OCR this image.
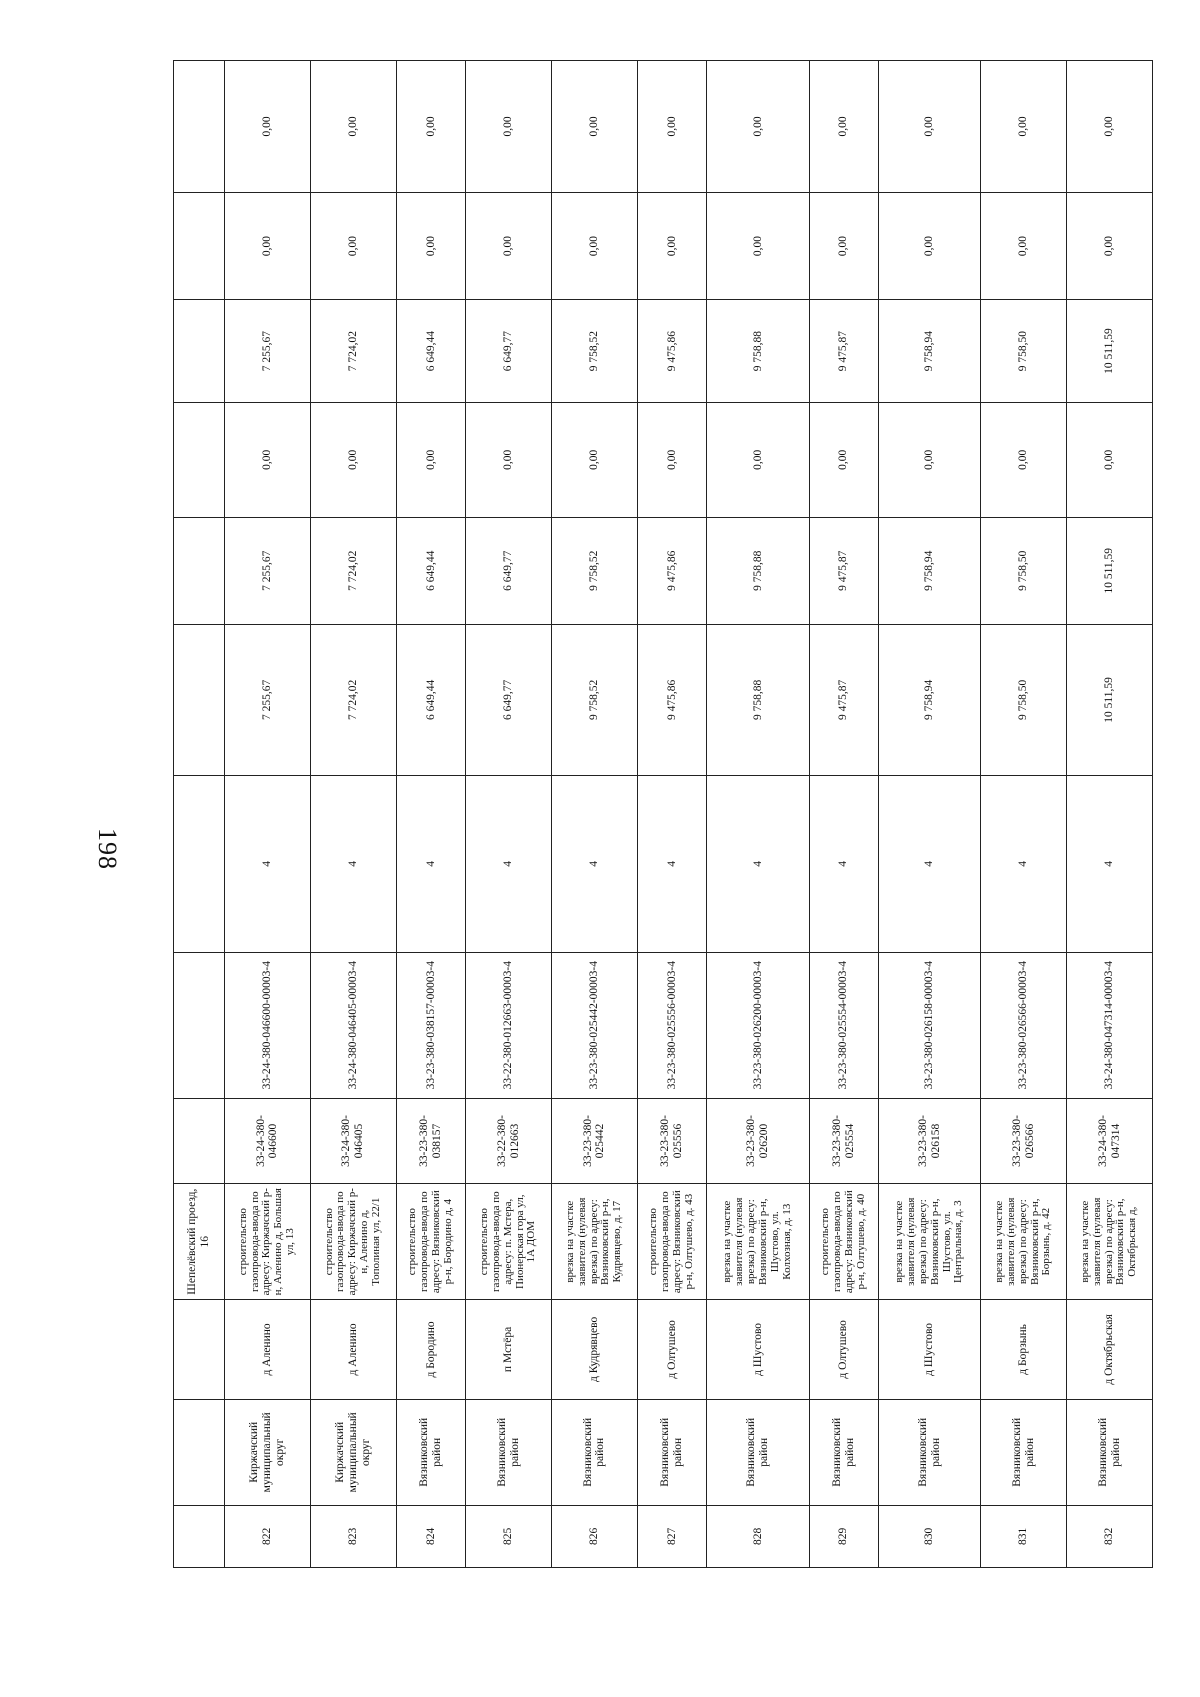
198
			Шепелёвский проезд, 16									
822	Киржачский муниципальный округ	д Аленино	строительство газопровода-ввода по адресу: Киржачский р-н, Аленино д, Большая ул, 13	33-24-380-046600	33-24-380-046600-00003-4	4	7 255,67	7 255,67	0,00	7 255,67	0,00	0,00
823	Киржачский муниципальный округ	д Аленино	строительство газопровода-ввода по адресу: Киржачский р-н, Аленино д, Тополиная ул, 22/1	33-24-380-046405	33-24-380-046405-00003-4	4	7 724,02	7 724,02	0,00	7 724,02	0,00	0,00
824	Вязниковский район	д Бородино	строительство газопровода-ввода по адресу: Вязниковский р-н, Бородино д, 4	33-23-380-038157	33-23-380-038157-00003-4	4	6 649,44	6 649,44	0,00	6 649,44	0,00	0,00
825	Вязниковский район	п Мстёра	строительство газопровода-ввода по адресу: п. Мстера, Пионерская гора ул, 1А ДОМ	33-22-380-012663	33-22-380-012663-00003-4	4	6 649,77	6 649,77	0,00	6 649,77	0,00	0,00
826	Вязниковский район	д Кудрявцево	врезка на участке заявителя (нулевая врезка) по адресу: Вязниковский р-н, Кудрявцево, д. 17	33-23-380-025442	33-23-380-025442-00003-4	4	9 758,52	9 758,52	0,00	9 758,52	0,00	0,00
827	Вязниковский район	д Олтушево	строительство газопровода-ввода по адресу: Вязниковский р-н, Олтушево, д. 43	33-23-380-025556	33-23-380-025556-00003-4	4	9 475,86	9 475,86	0,00	9 475,86	0,00	0,00
828	Вязниковский район	д Шустово	врезка на участке заявителя (нулевая врезка) по адресу: Вязниковский р-н, Шустово, ул. Колхозная, д. 13	33-23-380-026200	33-23-380-026200-00003-4	4	9 758,88	9 758,88	0,00	9 758,88	0,00	0,00
829	Вязниковский район	д Олтушево	строительство газопровода-ввода по адресу: Вязниковский р-н, Олтушево, д. 40	33-23-380-025554	33-23-380-025554-00003-4	4	9 475,87	9 475,87	0,00	9 475,87	0,00	0,00
830	Вязниковский район	д Шустово	врезка на участке заявителя (нулевая врезка) по адресу: Вязниковский р-н, Шустово, ул. Центральная, д. 3	33-23-380-026158	33-23-380-026158-00003-4	4	9 758,94	9 758,94	0,00	9 758,94	0,00	0,00
831	Вязниковский район	д Борзынь	врезка на участке заявителя (нулевая врезка) по адресу: Вязниковский р-н, Борзынь, д. 42	33-23-380-026566	33-23-380-026566-00003-4	4	9 758,50	9 758,50	0,00	9 758,50	0,00	0,00
832	Вязниковский район	д Октябрьская	врезка на участке заявителя (нулевая врезка) по адресу: Вязниковский р-н, Октябрьская д,	33-24-380-047314	33-24-380-047314-00003-4	4	10 511,59	10 511,59	0,00	10 511,59	0,00	0,00
